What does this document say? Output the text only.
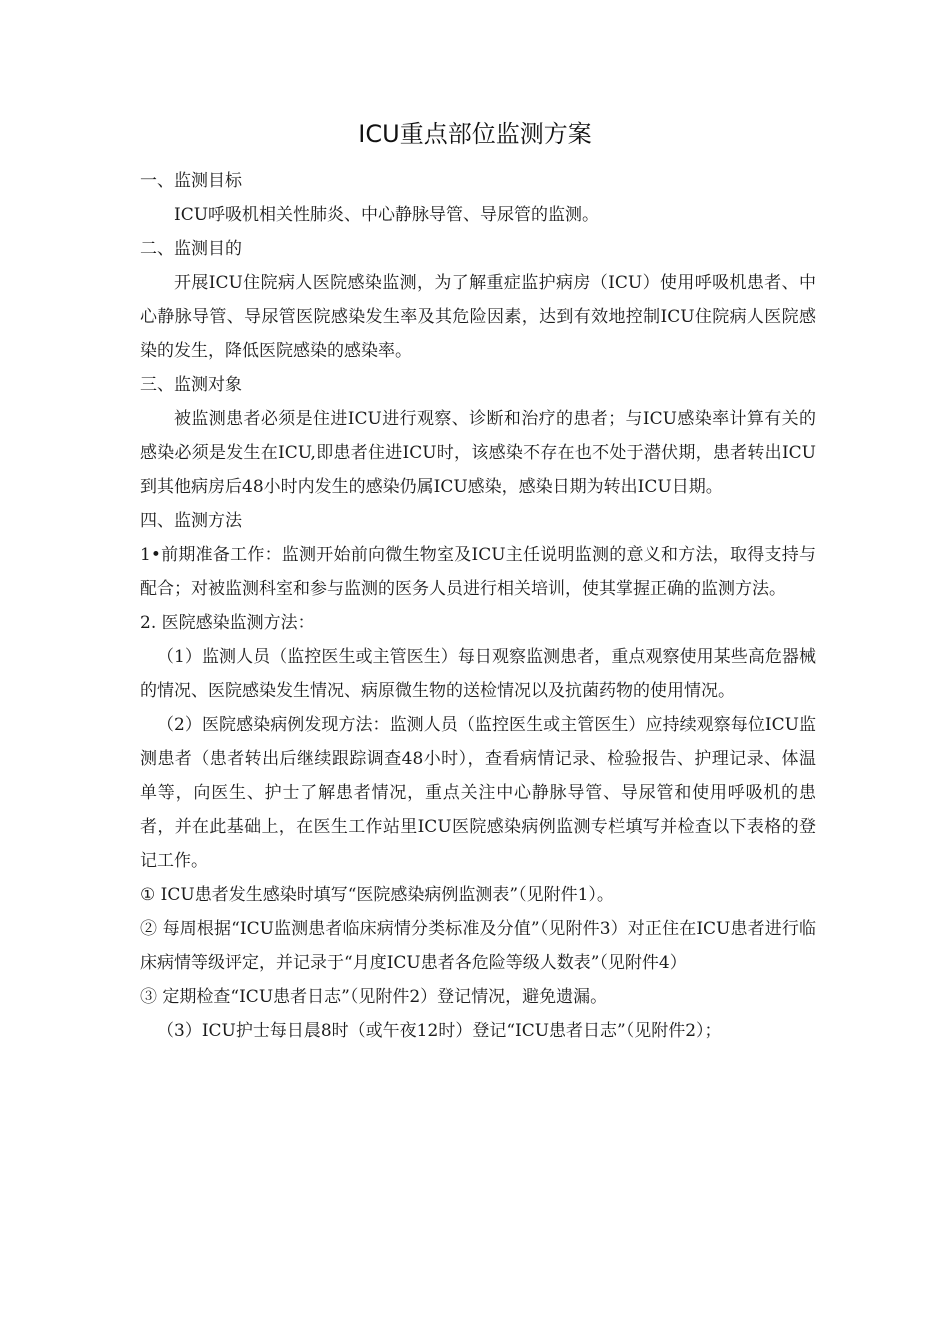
ICU重点部位监测方案

一、监测目标

ICU呼吸机相关性肺炎、中心静脉导管、导尿管的监测。

二、监测目的

开展ICU住院病人医院感染监测，为了解重症监护病房（ICU）使用呼吸机患者、中心静脉导管、导尿管医院感染发生率及其危险因素，达到有效地控制ICU住院病人医院感染的发生，降低医院感染的感染率。

三、监测对象

被监测患者必须是住进ICU进行观察、诊断和治疗的患者；与ICU感染率计算有关的感染必须是发生在ICU,即患者住进ICU时，该感染不存在也不处于潜伏期，患者转出ICU到其他病房后48小时内发生的感染仍属ICU感染，感染日期为转出ICU日期。

四、监测方法

1•前期准备工作：监测开始前向微生物室及ICU主任说明监测的意义和方法，取得支持与配合；对被监测科室和参与监测的医务人员进行相关培训，使其掌握正确的监测方法。

2. 医院感染监测方法：

（1）监测人员（监控医生或主管医生）每日观察监测患者，重点观察使用某些高危器械的情况、医院感染发生情况、病原微生物的送检情况以及抗菌药物的使用情况。

（2）医院感染病例发现方法：监测人员（监控医生或主管医生）应持续观察每位ICU监测患者（患者转出后继续跟踪调查48小时），查看病情记录、检验报告、护理记录、体温单等，向医生、护士了解患者情况，重点关注中心静脉导管、导尿管和使用呼吸机的患者，并在此基础上，在医生工作站里ICU医院感染病例监测专栏填写并检查以下表格的登记工作。

① ICU患者发生感染时填写“医院感染病例监测表”（见附件1）。

② 每周根据“ICU监测患者临床病情分类标准及分值”（见附件3）对正住在ICU患者进行临床病情等级评定，并记录于“月度ICU患者各危险等级人数表”（见附件4）

③ 定期检查“ICU患者日志”（见附件2）登记情况，避免遗漏。

（3）ICU护士每日晨8时（或午夜12时）登记“ICU患者日志”（见附件2）；
